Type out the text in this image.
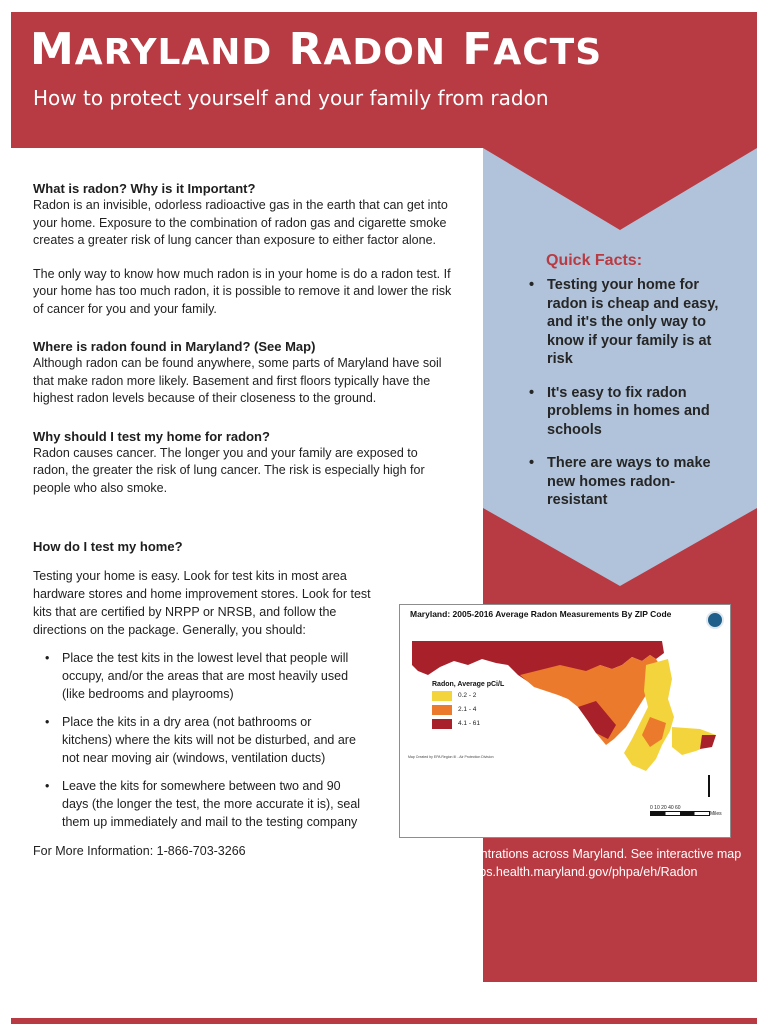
MARYLAND RADON FACTS

How to protect yourself and your family from radon

Quick Facts:
• Testing your home for radon is cheap and easy, and it's the only way to know if your family is at risk
• It's easy to fix radon problems in homes and schools
• There are ways to make new homes radon-resistant
What is radon? Why is it Important?

Radon is an invisible, odorless radioactive gas in the earth that can get into your home. Exposure to the combination of radon gas and cigarette smoke creates a greater risk of lung cancer than exposure to either factor alone.

The only way to know how much radon is in your home is do a radon test. If your home has too much radon, it is possible to remove it and lower the risk of cancer for you and your family.

Where is radon found in Maryland? (See Map)

Although radon can be found anywhere, some parts of Maryland have soil that make radon more likely. Basement and first floors typically have the highest radon levels because of their closeness to the ground.

Why should I test my home for radon?

Radon causes cancer. The longer you and your family are exposed to radon, the greater the risk of lung cancer. The risk is especially high for people who also smoke.

How do I test my home?

Testing your home is easy. Look for test kits in most area hardware stores and home improvement stores. Look for test kits that are certified by NRPP or NRSB, and follow the directions on the package. Generally, you should:

• Place the test kits in the lowest level that people will occupy, and/or the areas that are most heavily used (like bedrooms and playrooms)
• Place the kits in a dry area (not bathrooms or kitchens) where the kits will not be disturbed, and are not near moving air (windows, ventilation ducts)
• Leave the kits for somewhere between two and 90 days (the longer the test, the more accurate it is), seal them up immediately and mail to the testing company

For More Information: 1-866-703-3266

Maryland: 2005-2016 Average Radon Measurements By ZIP Code
Radon, Average pCi/L
$^{0.2 - 2}$
$^{2.1 - 4}$
$^{4.1 - 61}$
Map Created by EPA Region III - Air Protection Division
0 10 20 40 60
Miles

Radon concentrations across Maryland. See interactive map at: https://maps.health.maryland.gov/phpa/eh/Radon
